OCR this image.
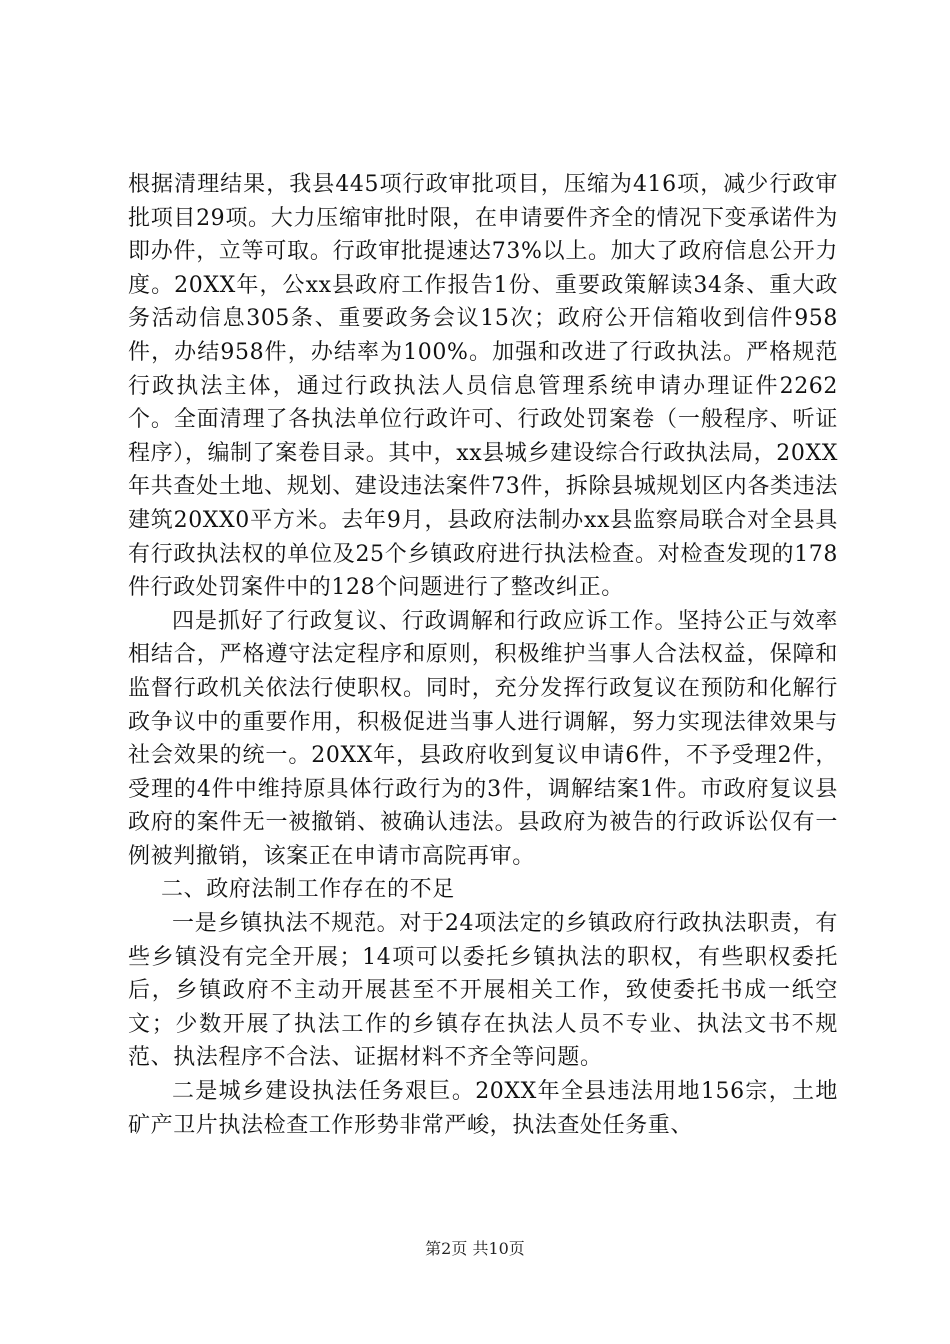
根据清理结果，我县445项行政审批项目，压缩为416项，减少行政审批项目29项。大力压缩审批时限，在申请要件齐全的情况下变承诺件为即办件，立等可取。行政审批提速达73%以上。加大了政府信息公开力度。20XX年，公xx县政府工作报告1份、重要政策解读34条、重大政务活动信息305条、重要政务会议15次；政府公开信箱收到信件958件，办结958件，办结率为100%。加强和改进了行政执法。严格规范行政执法主体，通过行政执法人员信息管理系统申请办理证件2262个。全面清理了各执法单位行政许可、行政处罚案卷（一般程序、听证程序），编制了案卷目录。其中，xx县城乡建设综合行政执法局，20XX年共查处土地、规划、建设违法案件73件，拆除县城规划区内各类违法建筑20XX0平方米。去年9月，县政府法制办xx县监察局联合对全县具有行政执法权的单位及25个乡镇政府进行执法检查。对检查发现的178件行政处罚案件中的128个问题进行了整改纠正。

四是抓好了行政复议、行政调解和行政应诉工作。坚持公正与效率相结合，严格遵守法定程序和原则，积极维护当事人合法权益，保障和监督行政机关依法行使职权。同时，充分发挥行政复议在预防和化解行政争议中的重要作用，积极促进当事人进行调解，努力实现法律效果与社会效果的统一。20XX年，县政府收到复议申请6件，不予受理2件，受理的4件中维持原具体行政行为的3件，调解结案1件。市政府复议县政府的案件无一被撤销、被确认违法。县政府为被告的行政诉讼仅有一例被判撤销，该案正在申请市高院再审。

二、政府法制工作存在的不足

一是乡镇执法不规范。对于24项法定的乡镇政府行政执法职责，有些乡镇没有完全开展；14项可以委托乡镇执法的职权，有些职权委托后，乡镇政府不主动开展甚至不开展相关工作，致使委托书成一纸空文；少数开展了执法工作的乡镇存在执法人员不专业、执法文书不规范、执法程序不合法、证据材料不齐全等问题。

二是城乡建设执法任务艰巨。20XX年全县违法用地156宗，土地矿产卫片执法检查工作形势非常严峻，执法查处任务重、

第2页 共10页
